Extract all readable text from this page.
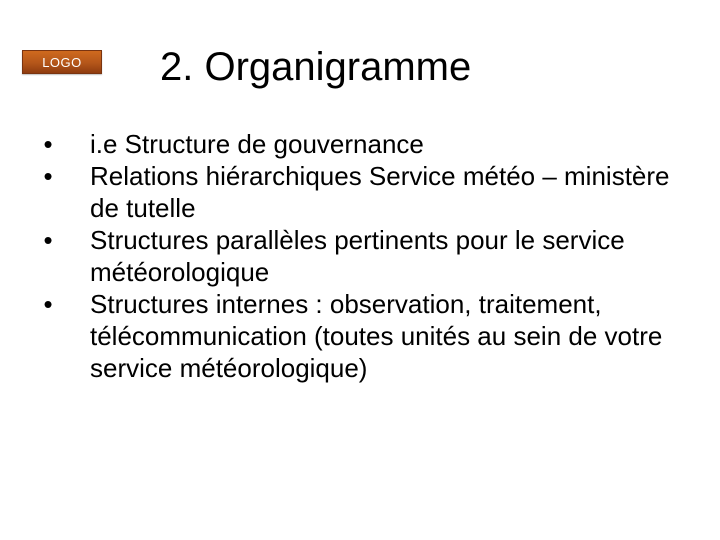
LOGO 2. Organigramme
• i.e Structure de gouvernance
• Relations hiérarchiques Service météo – ministère de tutelle
• Structures parallèles pertinents pour le service météorologique
• Structures internes : observation, traitement, télécommunication (toutes unités au sein de votre service météorologique)
